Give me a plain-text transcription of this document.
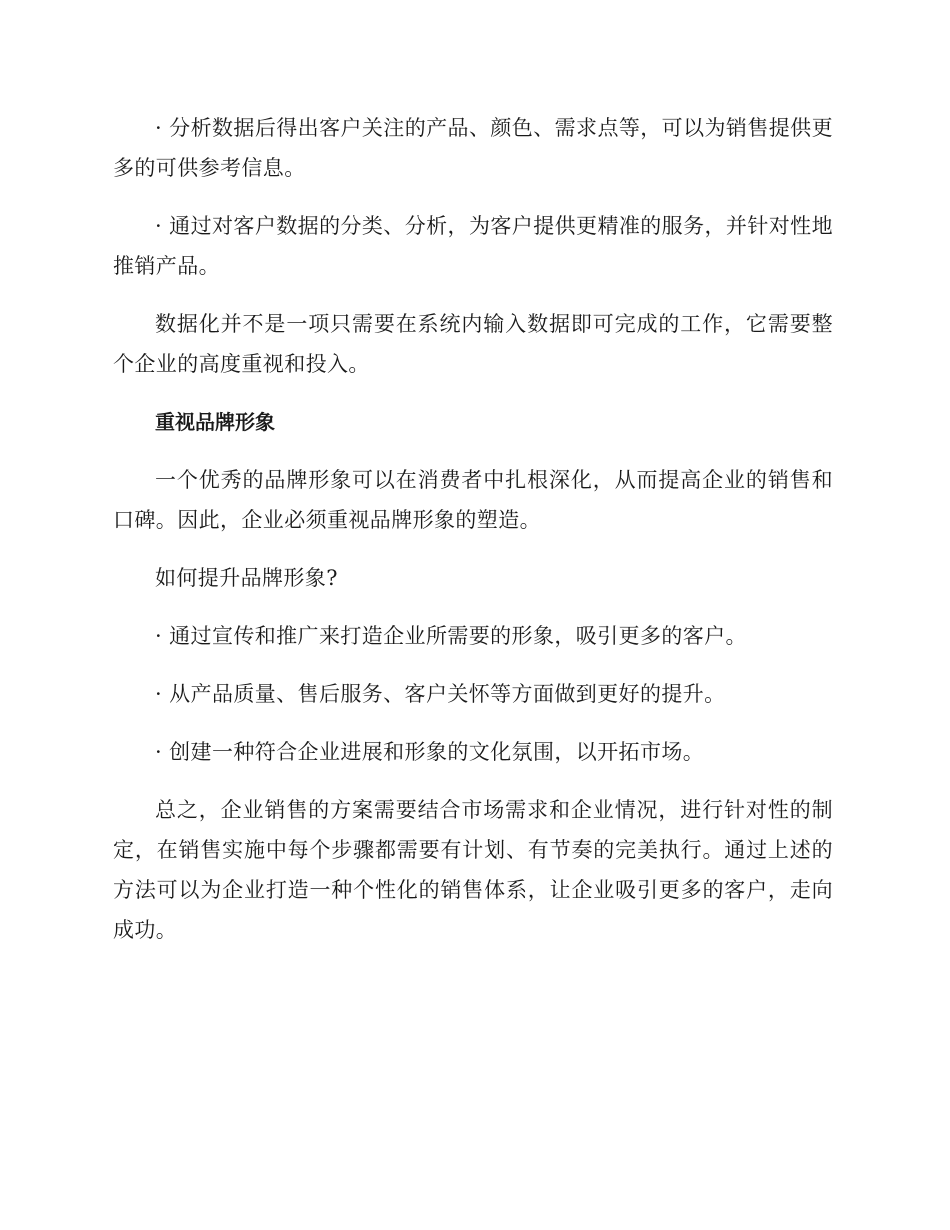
· 分析数据后得出客户关注的产品、颜色、需求点等，可以为销售提供更多的可供参考信息。

· 通过对客户数据的分类、分析，为客户提供更精准的服务，并针对性地推销产品。

数据化并不是一项只需要在系统内输入数据即可完成的工作，它需要整个企业的高度重视和投入。

重视品牌形象

一个优秀的品牌形象可以在消费者中扎根深化，从而提高企业的销售和口碑。因此，企业必须重视品牌形象的塑造。

如何提升品牌形象?

· 通过宣传和推广来打造企业所需要的形象，吸引更多的客户。

· 从产品质量、售后服务、客户关怀等方面做到更好的提升。

· 创建一种符合企业进展和形象的文化氛围，以开拓市场。

总之，企业销售的方案需要结合市场需求和企业情况，进行针对性的制定，在销售实施中每个步骤都需要有计划、有节奏的完美执行。通过上述的方法可以为企业打造一种个性化的销售体系，让企业吸引更多的客户，走向成功。
